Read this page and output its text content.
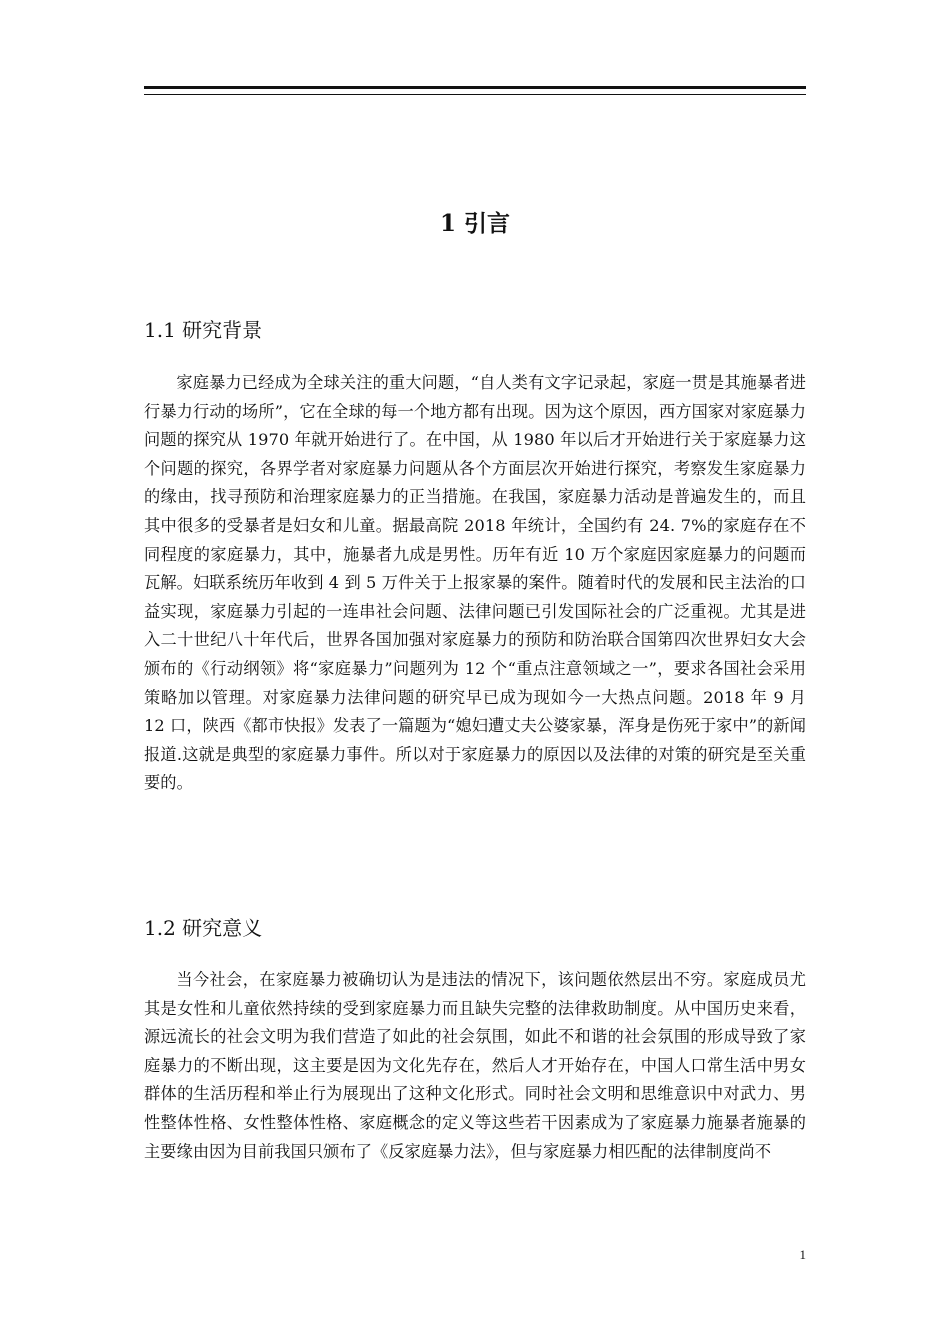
1 引言
1.1 研究背景

家庭暴力已经成为全球关注的重大问题，“自人类有文字记录起，家庭一贯是其施暴者进行暴力行动的场所”，它在全球的每一个地方都有出现。因为这个原因，西方国家对家庭暴力问题的探究从 1970 年就开始进行了。在中国，从 1980 年以后才开始进行关于家庭暴力这个问题的探究，各界学者对家庭暴力问题从各个方面层次开始进行探究，考察发生家庭暴力的缘由，找寻预防和治理家庭暴力的正当措施。在我国，家庭暴力活动是普遍发生的，而且其中很多的受暴者是妇女和儿童。据最高院 2018 年统计，全国约有 24. 7%的家庭存在不同程度的家庭暴力，其中，施暴者九成是男性。历年有近 10 万个家庭因家庭暴力的问题而瓦解。妇联系统历年收到 4 到 5 万件关于上报家暴的案件。随着时代的发展和民主法治的口益实现，家庭暴力引起的一连串社会问题、法律问题已引发国际社会的广泛重视。尤其是进入二十世纪八十年代后，世界各国加强对家庭暴力的预防和防治联合国第四次世界妇女大会颁布的《行动纲领》将“家庭暴力”问题列为 12 个“重点注意领域之一”，要求各国社会采用策略加以管理。对家庭暴力法律问题的研究早已成为现如今一大热点问题。2018 年 9 月 12 口，陕西《都市快报》发表了一篇题为“媳妇遭丈夫公婆家暴，浑身是伤死于家中”的新闻报道.这就是典型的家庭暴力事件。所以对于家庭暴力的原因以及法律的对策的研究是至关重要的。

1.2 研究意义

当今社会，在家庭暴力被确切认为是违法的情况下，该问题依然层出不穷。家庭成员尤其是女性和儿童依然持续的受到家庭暴力而且缺失完整的法律救助制度。从中国历史来看，源远流长的社会文明为我们营造了如此的社会氛围，如此不和谐的社会氛围的形成导致了家庭暴力的不断出现，这主要是因为文化先存在，然后人才开始存在，中国人口常生活中男女群体的生活历程和举止行为展现出了这种文化形式。同时社会文明和思维意识中对武力、男性整体性格、女性整体性格、家庭概念的定义等这些若干因素成为了家庭暴力施暴者施暴的主要缘由因为目前我国只颁布了《反家庭暴力法》，但与家庭暴力相匹配的法律制度尚不

1
